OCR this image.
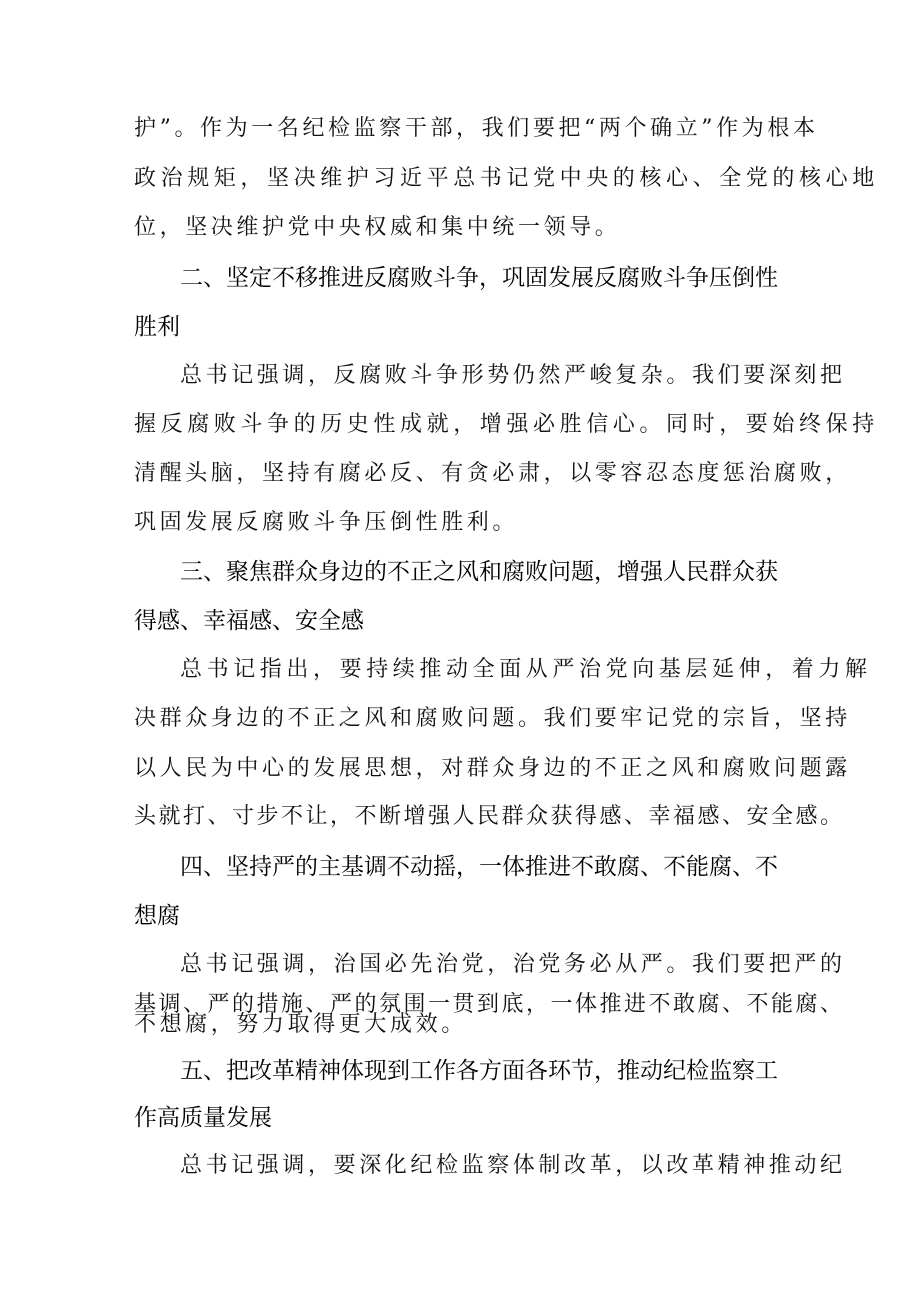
护”。作为一名纪检监察干部，我们要把“两个确立”作为根本
政治规矩，坚决维护习近平总书记党中央的核心、全党的核心地
位，坚决维护党中央权威和集中统一领导。
二、坚定不移推进反腐败斗争，巩固发展反腐败斗争压倒性
胜利
总书记强调，反腐败斗争形势仍然严峻复杂。我们要深刻把
握反腐败斗争的历史性成就，增强必胜信心。同时，要始终保持
清醒头脑，坚持有腐必反、有贪必肃，以零容忍态度惩治腐败，
巩固发展反腐败斗争压倒性胜利。
三、聚焦群众身边的不正之风和腐败问题，增强人民群众获
得感、幸福感、安全感
总书记指出，要持续推动全面从严治党向基层延伸，着力解
决群众身边的不正之风和腐败问题。我们要牢记党的宗旨，坚持
以人民为中心的发展思想，对群众身边的不正之风和腐败问题露
头就打、寸步不让，不断增强人民群众获得感、幸福感、安全感。
四、坚持严的主基调不动摇，一体推进不敢腐、不能腐、不
想腐
总书记强调，治国必先治党，治党务必从严。我们要把严的
基调、严的措施、严的氛围一贯到底，一体推进不敢腐、不能腐、
不想腐，努力取得更大成效。
五、把改革精神体现到工作各方面各环节，推动纪检监察工
作高质量发展
总书记强调，要深化纪检监察体制改革，以改革精神推动纪
